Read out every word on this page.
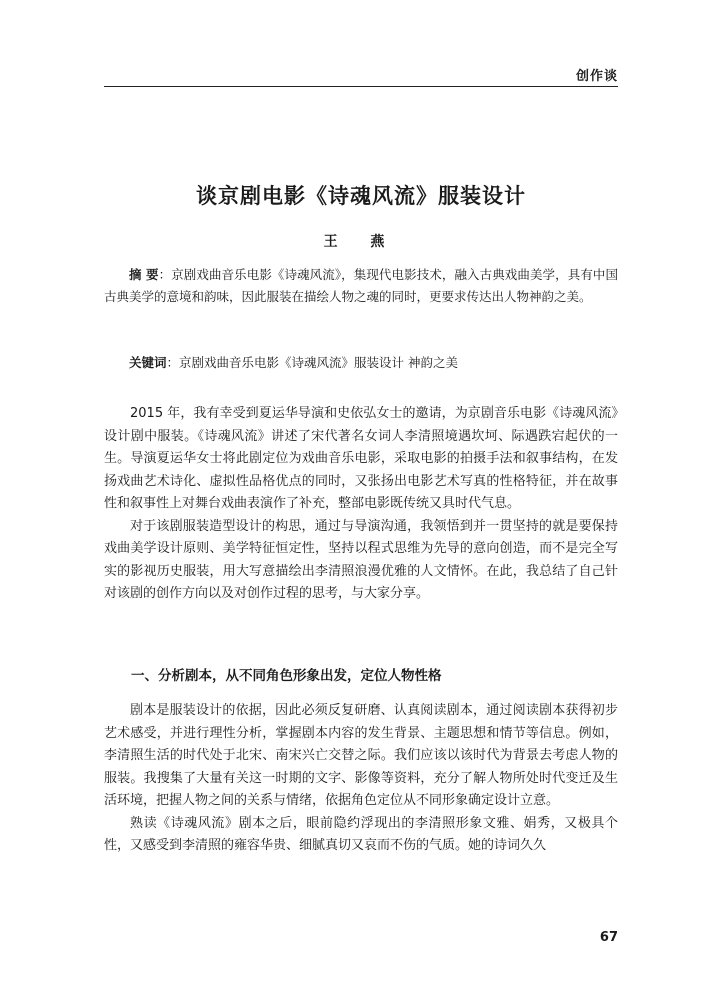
创作谈
谈京剧电影《诗魂风流》服装设计
王 燕
摘 要：京剧戏曲音乐电影《诗魂风流》，集现代电影技术，融入古典戏曲美学，具有中国古典美学的意境和韵味，因此服装在描绘人物之魂的同时，更要求传达出人物神韵之美。
关键词：京剧戏曲音乐电影《诗魂风流》服装设计 神韵之美

2015 年，我有幸受到夏运华导演和史依弘女士的邀请，为京剧音乐电影《诗魂风流》设计剧中服装。《诗魂风流》讲述了宋代著名女词人李清照境遇坎坷、际遇跌宕起伏的一生。导演夏运华女士将此剧定位为戏曲音乐电影，采取电影的拍摄手法和叙事结构，在发扬戏曲艺术诗化、虚拟性品格优点的同时，又张扬出电影艺术写真的性格特征，并在故事性和叙事性上对舞台戏曲表演作了补充，整部电影既传统又具时代气息。

对于该剧服装造型设计的构思，通过与导演沟通，我领悟到并一贯坚持的就是要保持戏曲美学设计原则、美学特征恒定性，坚持以程式思维为先导的意向创造，而不是完全写实的影视历史服装，用大写意描绘出李清照浪漫优雅的人文情怀。在此，我总结了自己针对该剧的创作方向以及对创作过程的思考，与大家分享。

一、分析剧本，从不同角色形象出发，定位人物性格

剧本是服装设计的依据，因此必须反复研磨、认真阅读剧本，通过阅读剧本获得初步艺术感受，并进行理性分析，掌握剧本内容的发生背景、主题思想和情节等信息。例如，李清照生活的时代处于北宋、南宋兴亡交替之际。我们应该以该时代为背景去考虑人物的服装。我搜集了大量有关这一时期的文字、影像等资料，充分了解人物所处时代变迁及生活环境，把握人物之间的关系与情绪，依据角色定位从不同形象确定设计立意。

熟读《诗魂风流》剧本之后，眼前隐约浮现出的李清照形象文雅、娟秀，又极具个性，又感受到李清照的雍容华贵、细腻真切又哀而不伤的气质。她的诗词久久

67
